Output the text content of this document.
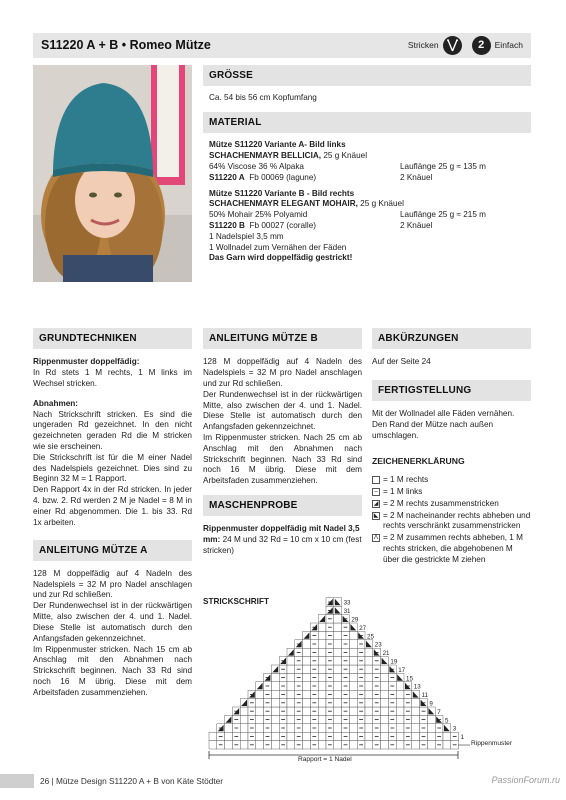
S11220 A + B • Romeo Mütze	Stricken	2	Einfach
GRÖSSE
Ca. 54 bis 56 cm Kopfumfang
MATERIAL
Mütze S11220 Variante A- Bild links
SCHACHENMAYR BELLICIA, 25 g Knäuel
64% Viscose 36 % Alpaka	Lauflänge 25 g ≈ 135 m
S11220 A Fb 00069 (lagune)	2 Knäuel
Mütze S11220 Variante B - Bild rechts
SCHACHENMAYR ELEGANT MOHAIR, 25 g Knäuel
50% Mohair 25% Polyamid	Lauflänge 25 g ≈ 215 m
S11220 B Fb 00027 (coralle)	2 Knäuel
1 Nadelspiel 3,5 mm
1 Wollnadel zum Vernähen der Fäden
Das Garn wird doppelfädig gestrickt!
GRUNDTECHNIKEN
Rippenmuster doppelfädig:
In Rd stets 1 M rechts, 1 M links im Wechsel stricken.
Abnahmen:
Nach Strickschrift stricken. Es sind die ungeraden Rd gezeichnet. In den nicht gezeichneten geraden Rd die M stricken wie sie erscheinen.
Die Strickschrift ist für die M einer Nadel des Nadelspiels gezeichnet. Dies sind zu Beginn 32 M = 1 Rapport.
Den Rapport 4x in der Rd stricken. In jeder 4. bzw. 2. Rd werden 2 M je Nadel = 8 M in einer Rd abgenommen. Die 1. bis 33. Rd 1x arbeiten.
ANLEITUNG MÜTZE A
128 M doppelfädig auf 4 Nadeln des Nadelspiels = 32 M pro Nadel anschlagen und zur Rd schließen.
Der Rundenwechsel ist in der rückwärtigen Mitte, also zwischen der 4. und 1. Nadel. Diese Stelle ist automatisch durch den Anfangsfaden gekennzeichnet.
Im Rippenmuster stricken. Nach 15 cm ab Anschlag mit den Abnahmen nach Strickschrift beginnen. Nach 33 Rd sind noch 16 M übrig. Diese mit dem Arbeitsfaden zusammenziehen.
ANLEITUNG MÜTZE B
128 M doppelfädig auf 4 Nadeln des Nadelspiels = 32 M pro Nadel anschlagen und zur Rd schließen.
Der Rundenwechsel ist in der rückwärtigen Mitte, also zwischen der 4. und 1. Nadel. Diese Stelle ist automatisch durch den Anfangsfaden gekennzeichnet.
Im Rippenmuster stricken. Nach 25 cm ab Anschlag mit den Abnahmen nach Strickschrift beginnen. Nach 33 Rd sind noch 16 M übrig. Diese mit dem Arbeitsfaden zusammenziehen.
MASCHENPROBE
Rippenmuster doppelfädig mit Nadel 3,5 mm: 24 M und 32 Rd = 10 cm x 10 cm (fest stricken)
ABKÜRZUNGEN
Auf der Seite 24
FERTIGSTELLUNG
Mit der Wollnadel alle Fäden vernähen.
Den Rand der Mütze nach außen umschlagen.
ZEICHENERKLÄRUNG
= 1 M rechts
– = 1 M links
◢ = 2 M rechts zusammenstricken
◣ = 2 M nacheinander rechts abheben und rechts verschränkt zusammenstricken
Λ = 2 M zusammen rechts abheben, 1 M rechts stricken, die abgehobenen M über die gestrickte M ziehen
STRICKSCHRIFT
1
3
5
7
9
11
13
15
17
19
21
23
25
27
29
31
33
Rapport = 1 Nadel
Rippenmuster
26 | Mütze Design S11220 A + B von Käte Stödter	PassionForum.ru
